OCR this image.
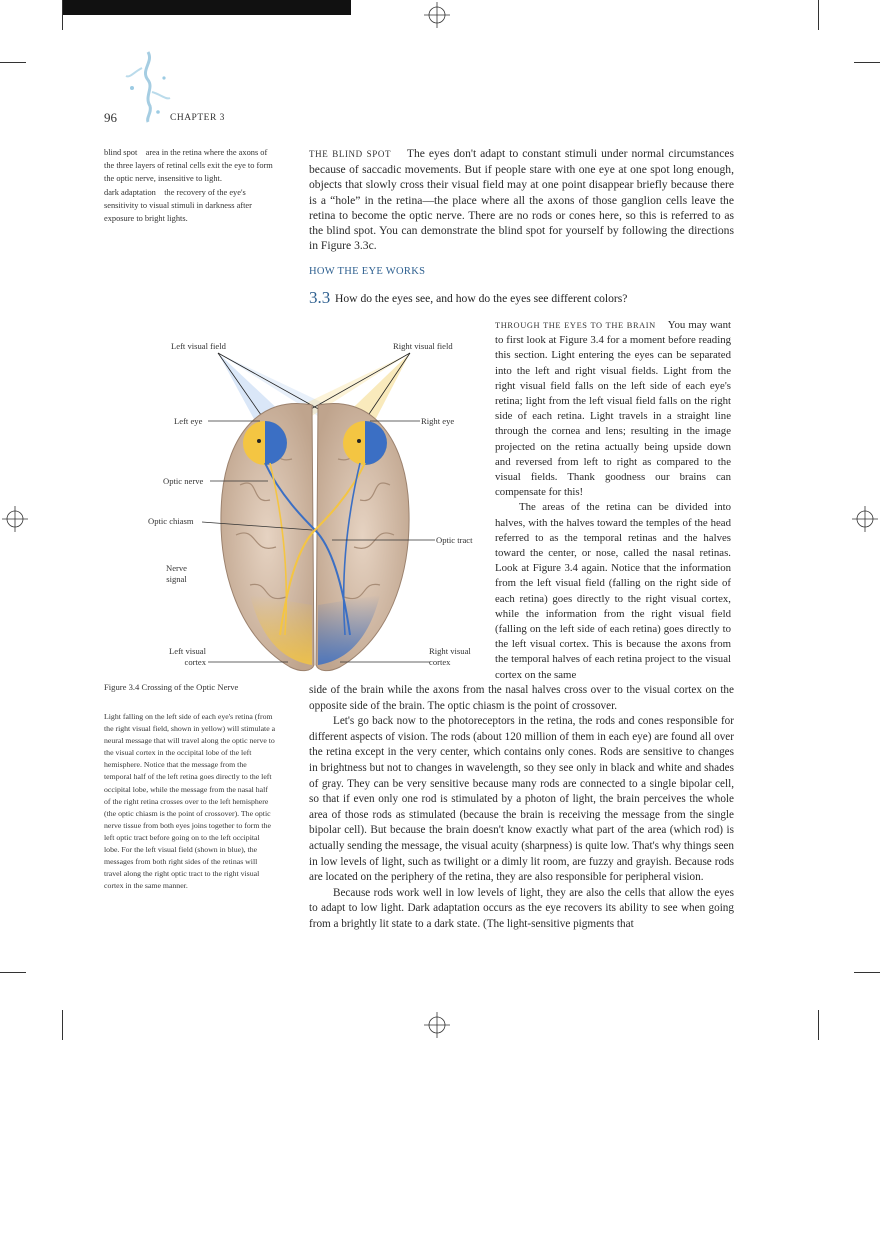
96	CHAPTER 3
blind spot area in the retina where the axons of the three layers of retinal cells exit the eye to form the optic nerve, insensitive to light.
dark adaptation the recovery of the eye's sensitivity to visual stimuli in darkness after exposure to bright lights.

THE BLIND SPOT The eyes don't adapt to constant stimuli under normal circumstances because of saccadic movements. But if people stare with one eye at one spot long enough, objects that slowly cross their visual field may at one point disappear briefly because there is a “hole” in the retina—the place where all the axons of those ganglion cells leave the retina to become the optic nerve. There are no rods or cones here, so this is referred to as the blind spot. You can demonstrate the blind spot for yourself by following the directions in Figure 3.3c.

HOW THE EYE WORKS
3.3 How do the eyes see, and how do the eyes see different colors?
Left visual field	Right visual field
Left eye	Right eye
Optic nerve
Optic chiasm
Optic tract
Nerve
signal
Left visual
cortex
Right visual
cortex

THROUGH THE EYES TO THE BRAIN You may want to first look at Figure 3.4 for a moment before reading this section. Light entering the eyes can be separated into the left and right visual fields. Light from the right visual field falls on the left side of each eye's retina; light from the left visual field falls on the right side of each retina. Light travels in a straight line through the cornea and lens; resulting in the image projected on the retina actually being upside down and reversed from left to right as compared to the visual fields. Thank goodness our brains can compensate for this!

The areas of the retina can be divided into halves, with the halves toward the temples of the head referred to as the temporal retinas and the halves toward the center, or nose, called the nasal retinas. Look at Figure 3.4 again. Notice that the information from the left visual field (falling on the right side of each retina) goes directly to the right visual cortex, while the information from the right visual field (falling on the left side of each retina) goes directly to the left visual cortex. This is because the axons from the temporal halves of each retina project to the visual cortex on the same

Figure 3.4 Crossing of the Optic Nerve
Light falling on the left side of each eye's retina (from the right visual field, shown in yellow) will stimulate a neural message that will travel along the optic nerve to the visual cortex in the occipital lobe of the left hemisphere. Notice that the message from the temporal half of the left retina goes directly to the left occipital lobe, while the message from the nasal half of the right retina crosses over to the left hemisphere (the optic chiasm is the point of crossover). The optic nerve tissue from both eyes joins together to form the left optic tract before going on to the left occipital lobe. For the left visual field (shown in blue), the messages from both right sides of the retinas will travel along the right optic tract to the right visual cortex in the same manner.

side of the brain while the axons from the nasal halves cross over to the visual cortex on the opposite side of the brain. The optic chiasm is the point of crossover.

Let's go back now to the photoreceptors in the retina, the rods and cones responsible for different aspects of vision. The rods (about 120 million of them in each eye) are found all over the retina except in the very center, which contains only cones. Rods are sensitive to changes in brightness but not to changes in wavelength, so they see only in black and white and shades of gray. They can be very sensitive because many rods are connected to a single bipolar cell, so that if even only one rod is stimulated by a photon of light, the brain perceives the whole area of those rods as stimulated (because the brain is receiving the message from the single bipolar cell). But because the brain doesn't know exactly what part of the area (which rod) is actually sending the message, the visual acuity (sharpness) is quite low. That's why things seen in low levels of light, such as twilight or a dimly lit room, are fuzzy and grayish. Because rods are located on the periphery of the retina, they are also responsible for peripheral vision.

Because rods work well in low levels of light, they are also the cells that allow the eyes to adapt to low light. Dark adaptation occurs as the eye recovers its ability to see when going from a brightly lit state to a dark state. (The light-sensitive pigments that
